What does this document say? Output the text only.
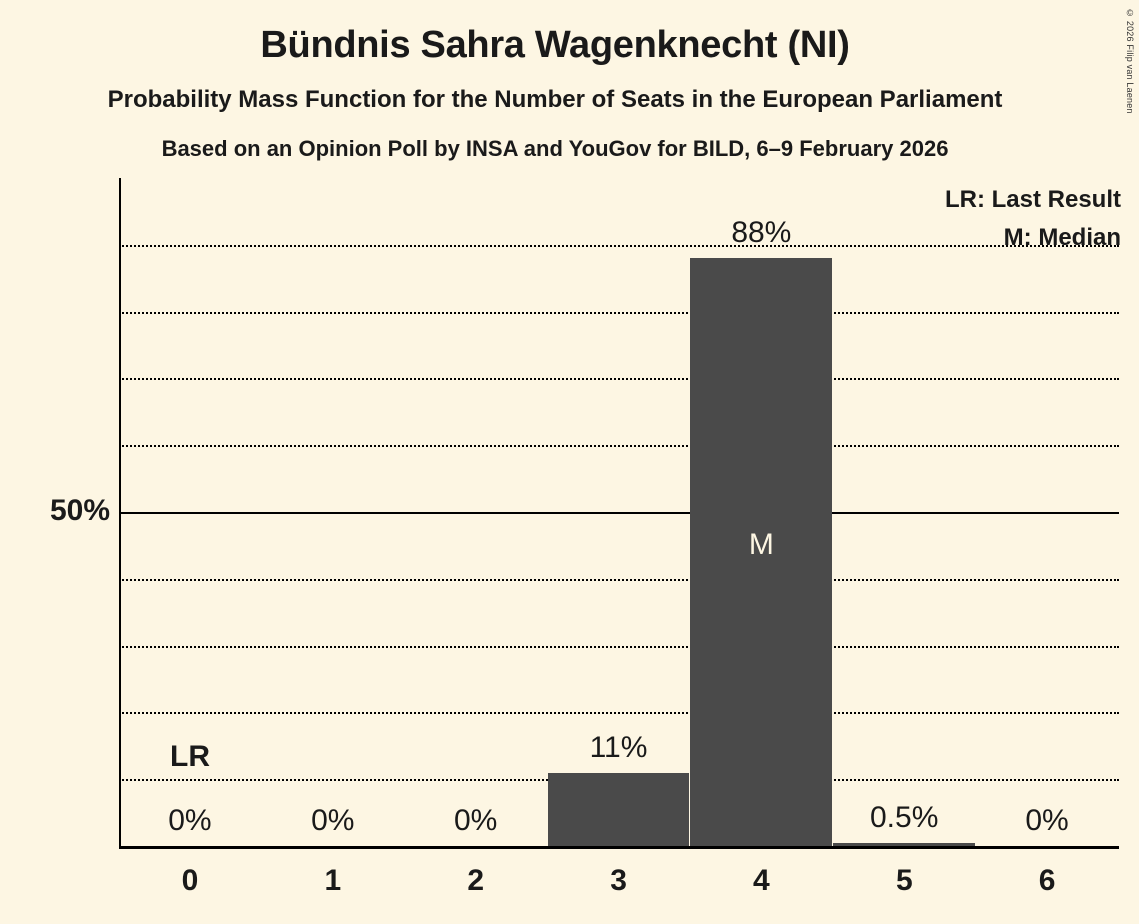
Bündnis Sahra Wagenknecht (NI)
Probability Mass Function for the Number of Seats in the European Parliament
Based on an Opinion Poll by INSA and YouGov for BILD, 6–9 February 2026
© 2026 Filip van Laenen
LR: Last Result
M: Median
0%	0%	0%
11%
88%
0.5%	0%
LR
M
50%
0	1	2	3	4	5	6
